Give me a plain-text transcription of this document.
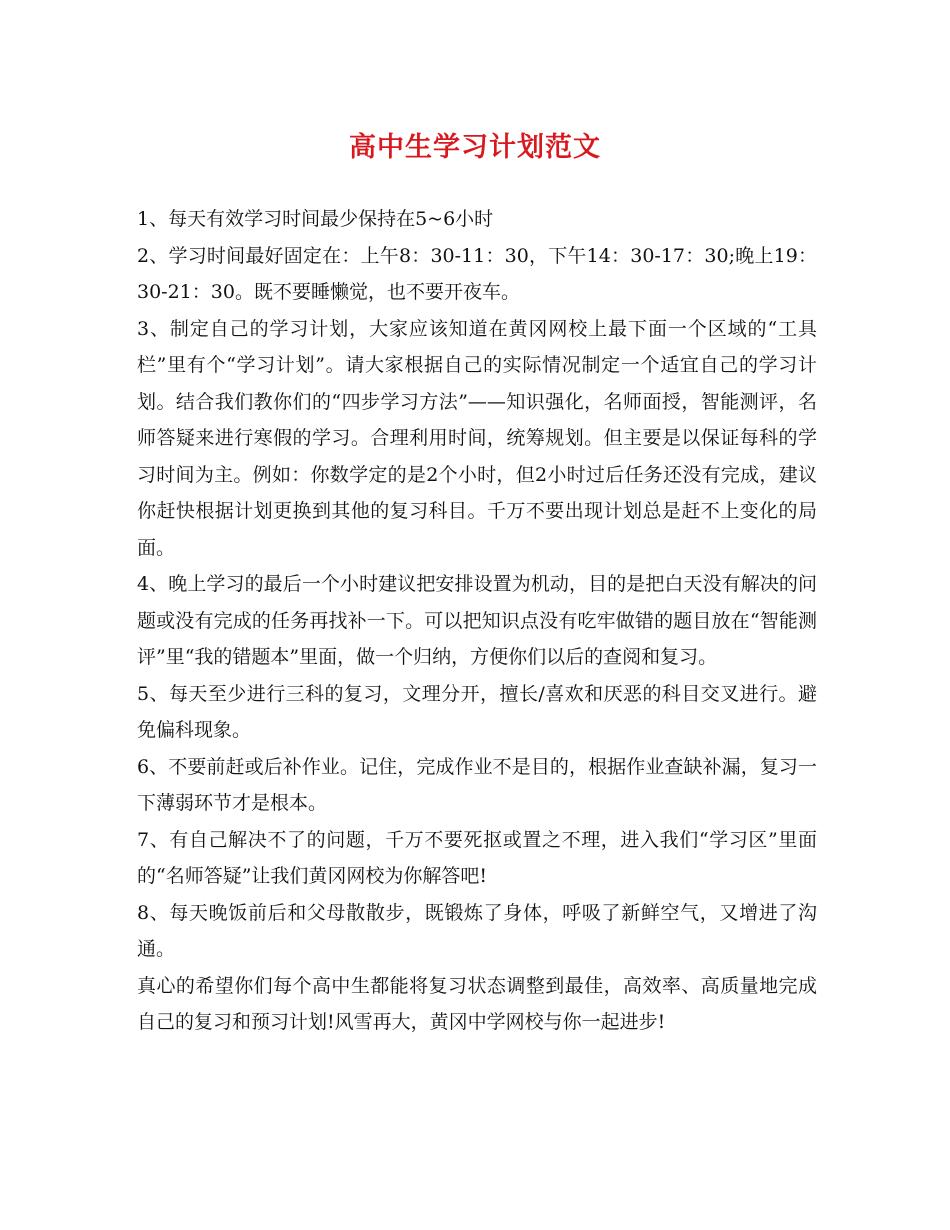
高中生学习计划范文

1、每天有效学习时间最少保持在5~6小时

2、学习时间最好固定在：上午8：30-11：30，下午14：30-17：30;晚上19：30-21：30。既不要睡懒觉，也不要开夜车。

3、制定自己的学习计划，大家应该知道在黄冈网校上最下面一个区域的“工具栏”里有个“学习计划”。请大家根据自己的实际情况制定一个适宜自己的学习计划。结合我们教你们的“四步学习方法”——知识强化，名师面授，智能测评，名师答疑来进行寒假的学习。合理利用时间，统筹规划。但主要是以保证每科的学习时间为主。例如：你数学定的是2个小时，但2小时过后任务还没有完成，建议你赶快根据计划更换到其他的复习科目。千万不要出现计划总是赶不上变化的局面。

4、晚上学习的最后一个小时建议把安排设置为机动，目的是把白天没有解决的问题或没有完成的任务再找补一下。可以把知识点没有吃牢做错的题目放在“智能测评”里“我的错题本”里面，做一个归纳，方便你们以后的查阅和复习。

5、每天至少进行三科的复习，文理分开，擅长/喜欢和厌恶的科目交叉进行。避免偏科现象。

6、不要前赶或后补作业。记住，完成作业不是目的，根据作业查缺补漏，复习一下薄弱环节才是根本。

7、有自己解决不了的问题，千万不要死抠或置之不理，进入我们“学习区”里面的“名师答疑”让我们黄冈网校为你解答吧!

8、每天晚饭前后和父母散散步，既锻炼了身体，呼吸了新鲜空气，又增进了沟通。

真心的希望你们每个高中生都能将复习状态调整到最佳，高效率、高质量地完成自己的复习和预习计划!风雪再大，黄冈中学网校与你一起进步!
